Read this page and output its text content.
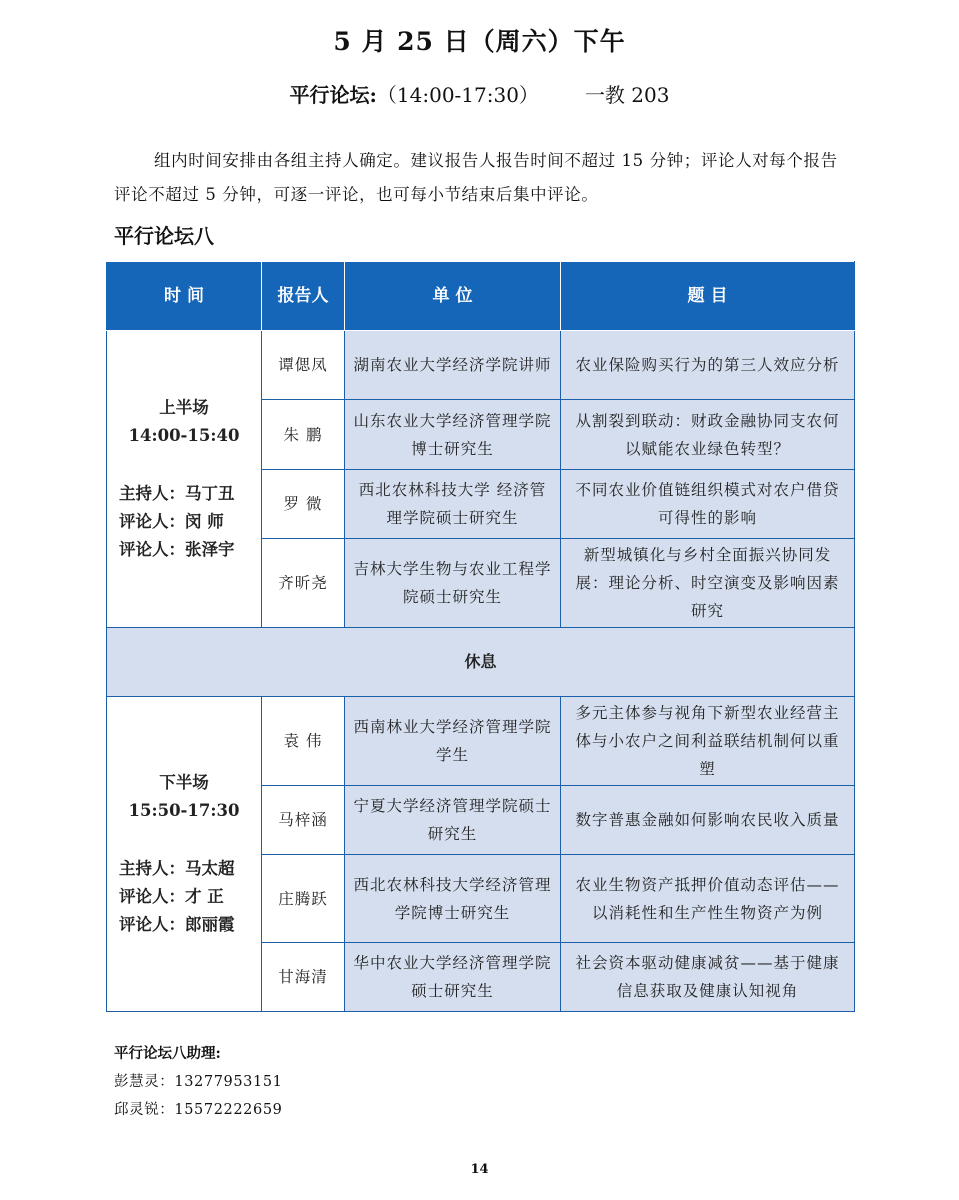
5 月 25 日（周六）下午
平行论坛:（14:00-17:30） 一教 203

组内时间安排由各组主持人确定。建议报告人报告时间不超过 15 分钟；评论人对每个报告评论不超过 5 分钟，可逐一评论，也可每小节结束后集中评论。

平行论坛八
时 间	报告人	单 位	题 目
上半场
14:00-15:40
主持人：马丁丑
评论人：闵 师
评论人：张泽宇	谭偲凤	湖南农业大学经济学院讲师	农业保险购买行为的第三人效应分析
	朱 鹏	山东农业大学经济管理学院博士研究生	从割裂到联动：财政金融协同支农何以赋能农业绿色转型？
	罗 微	西北农林科技大学 经济管理学院硕士研究生	不同农业价值链组织模式对农户借贷可得性的影响
	齐昕尧	吉林大学生物与农业工程学院硕士研究生	新型城镇化与乡村全面振兴协同发展：理论分析、时空演变及影响因素研究
休息			
下半场
15:50-17:30
主持人：马太超
评论人：才 正
评论人：郎丽霞	袁 伟	西南林业大学经济管理学院学生	多元主体参与视角下新型农业经营主体与小农户之间利益联结机制何以重塑
	马梓涵	宁夏大学经济管理学院硕士研究生	数字普惠金融如何影响农民收入质量
	庄腾跃	西北农林科技大学经济管理学院博士研究生	农业生物资产抵押价值动态评估——以消耗性和生产性生物资产为例
	甘海清	华中农业大学经济管理学院硕士研究生	社会资本驱动健康减贫——基于健康信息获取及健康认知视角
平行论坛八助理:
彭慧灵：13277953151
邱灵锐：15572222659
14
